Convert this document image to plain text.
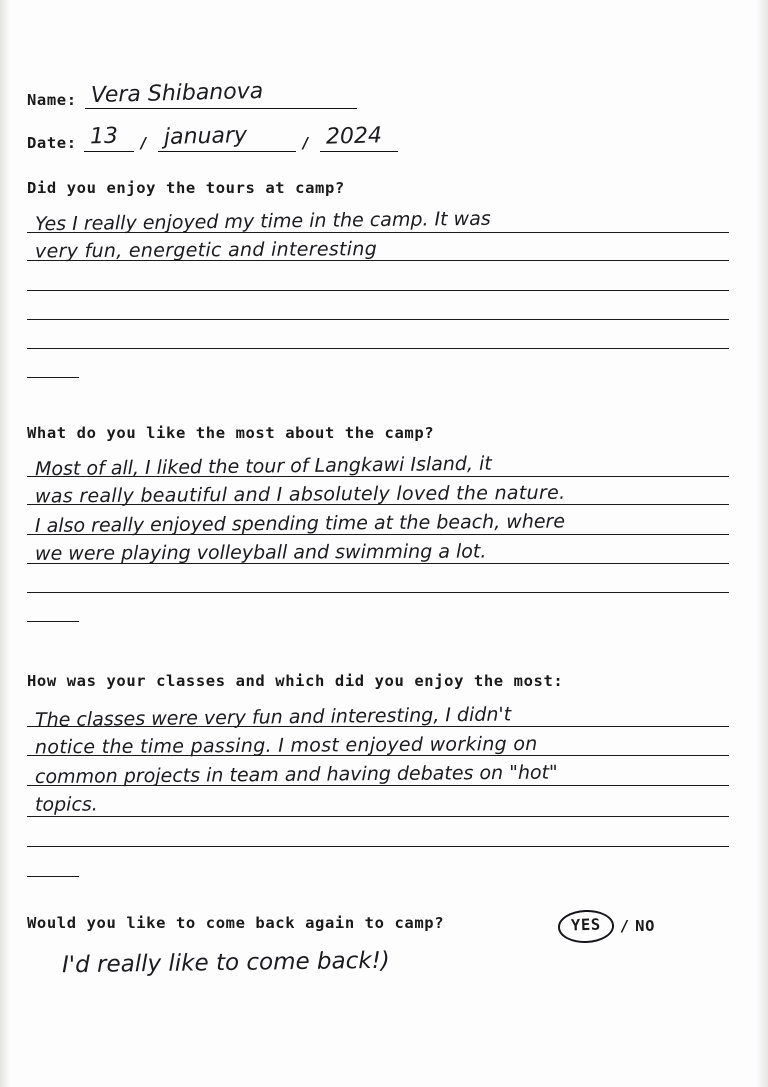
Name: Vera Shibanova
Date: 13 / january	/ 2024
Did you enjoy the tours at camp?
Yes I really enjoyed my time in the camp. It was
very fun, energetic and interesting
What do you like the most about the camp?
Most of all, I liked the tour of Langkawi Island, it
was really beautiful and I absolutely loved the nature.
I also really enjoyed spending time at the beach, where
we were playing volleyball and swimming a lot.
How was your classes and which did you enjoy the most:
The classes were very fun and interesting, I didn't
notice the time passing. I most enjoyed working on
common projects in team and having debates on "hot"
topics.
Would you like to come back again to camp?	YES	/ NO
I'd really like to come back!)
